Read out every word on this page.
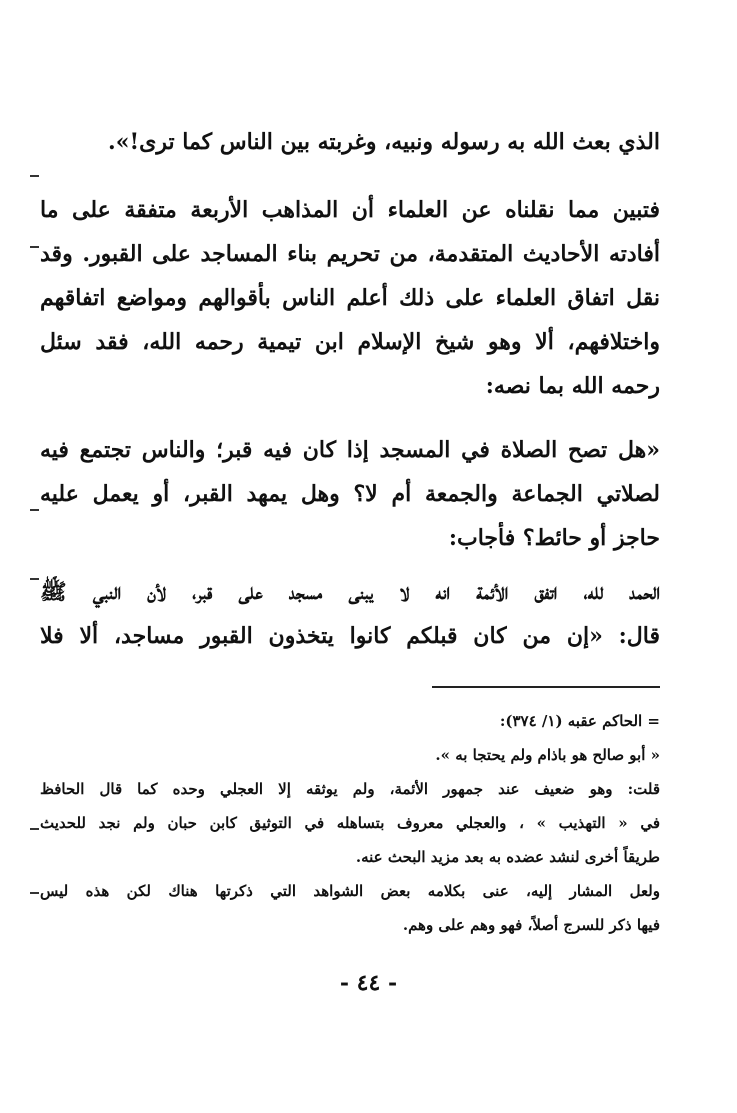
الذي بعث الله به رسوله ونبيه، وغربته بين الناس كما ترى!».
فتبين مما نقلناه عن العلماء أن المذاهب الأربعة متفقة على ما
أفادته الأحاديث المتقدمة، من تحريم بناء المساجد على القبور. وقد
نقل اتفاق العلماء على ذلك أعلم الناس بأقوالهم ومواضع اتفاقهم
واختلافهم، ألا وهو شيخ الإسلام ابن تيمية رحمه الله، فقد سئل
رحمه الله بما نصه:
«هل تصح الصلاة في المسجد إذا كان فيه قبر؛ والناس تجتمع فيه
لصلاتي الجماعة والجمعة أم لا؟ وهل يمهد القبر، أو يعمل عليه
حاجز أو حائط؟ فأجاب:
الحمد لله، اتفق الأئمة انه لا يبنى مسجد على قبر، لأن النبي ﷺ
قال: «إن من كان قبلكم كانوا يتخذون القبور مساجد، ألا فلا
= الحاكم عقبه (١/ ٣٧٤):
« أبو صالح هو باذام ولم يحتجا به ».
قلت: وهو ضعيف عند جمهور الأئمة، ولم يوثقه إلا العجلي وحده كما قال الحافظ
في « التهذيب » ، والعجلي معروف بتساهله في التوثيق كابن حبان ولم نجد للحديث
طريقاً أخرى لنشد عضده به بعد مزيد البحث عنه.
ولعل المشار إليه، عنى بكلامه بعض الشواهد التي ذكرتها هناك لكن هذه ليس
فيها ذكر للسرج أصلاً، فهو وهم على وهم.
- ٤٤ -
